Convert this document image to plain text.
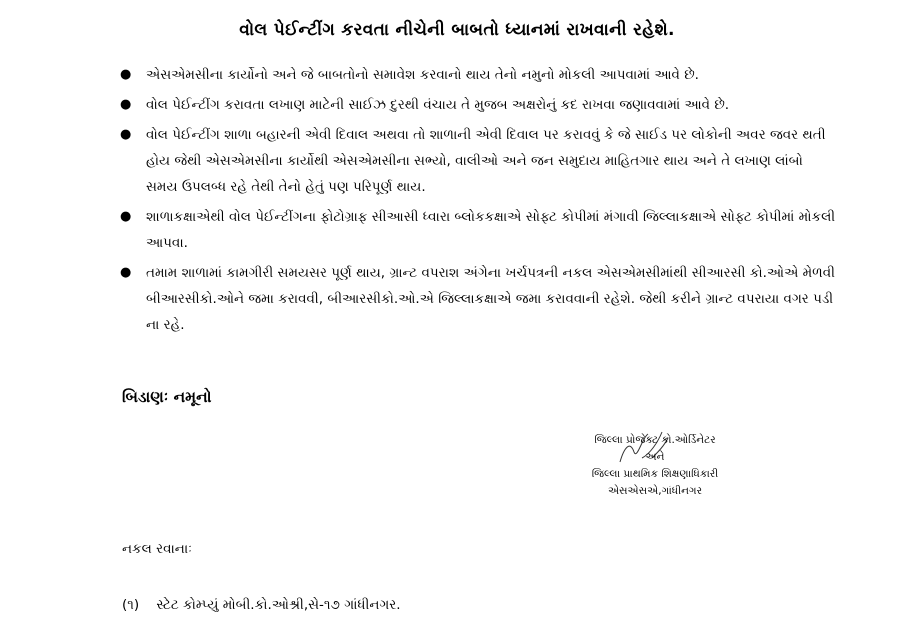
વોલ પેઈન્ટીંગ કરવતા નીચેની બાબતો ધ્યાનમાં રાખવાની રહેશે.
● એસએમસીના કાર્યોનો અને જે બાબતોનો સમાવેશ કરવાનો થાય તેનો નમુનો મોકલી આપવામાં આવે છે.
● વોલ પેઈન્ટીંગ કરાવતા લખાણ માટેની સાઈઝ દુરથી વંચાય તે મુજબ અક્ષરોનું કદ રાખવા જણાવવામાં આવે છે.
● વોલ પેઈન્ટીંગ શાળા બહારની એવી દિવાલ અથવા તો શાળાની એવી દિવાલ પર કરાવવું કે જે સાઈડ પર લોકોની અવર જવર થતી હોય જેથી એસએમસીના કાર્યોથી એસએમસીના સભ્યો, વાલીઓ અને જન સમુદાય માહિતગાર થાય અને તે લખાણ લાંબો સમય ઉપલબ્ધ રહે તેથી તેનો હેતું પણ પરિપૂર્ણ થાય.
● શાળાકક્ષાએથી વોલ પેઈન્ટીંગના ફોટોગ્રાફ સીઆસી ધ્વારા બ્લોકકક્ષાએ સોફ્ટ કોપીમાં મંગાવી જિલ્લાકક્ષાએ સોફ્ટ કોપીમાં મોકલી આપવા.
● તમામ શાળામાં કામગીરી સમયસર પૂર્ણ થાય, ગ્રાન્ટ વપરાશ અંગેના ખર્ચપત્રની નકલ એસએમસીમાંથી સીઆરસી કો.ઓએ મેળવી બીઆરસીકો.ઓને જમા કરાવવી, બીઆરસીકો.ઓ.એ જિલ્લાકક્ષાએ જમા કરાવવાની રહેશે. જેથી કરીને ગ્રાન્ટ વપરાયા વગર પડી ના રહે.
બિડાણઃ નમૂનો
જિલ્લા પ્રોજેક્ટ કો.ઓર્ડિનેટર
અને
જિલ્લા પ્રાથમિક શિક્ષણાધિકારી
એસએસએ,ગાંધીનગર
નકલ રવાનાઃ
(૧) સ્ટેટ કોમ્પ્યું મોબી.કો.ઓશ્રી,સે-૧૭ ગાંધીનગર.
